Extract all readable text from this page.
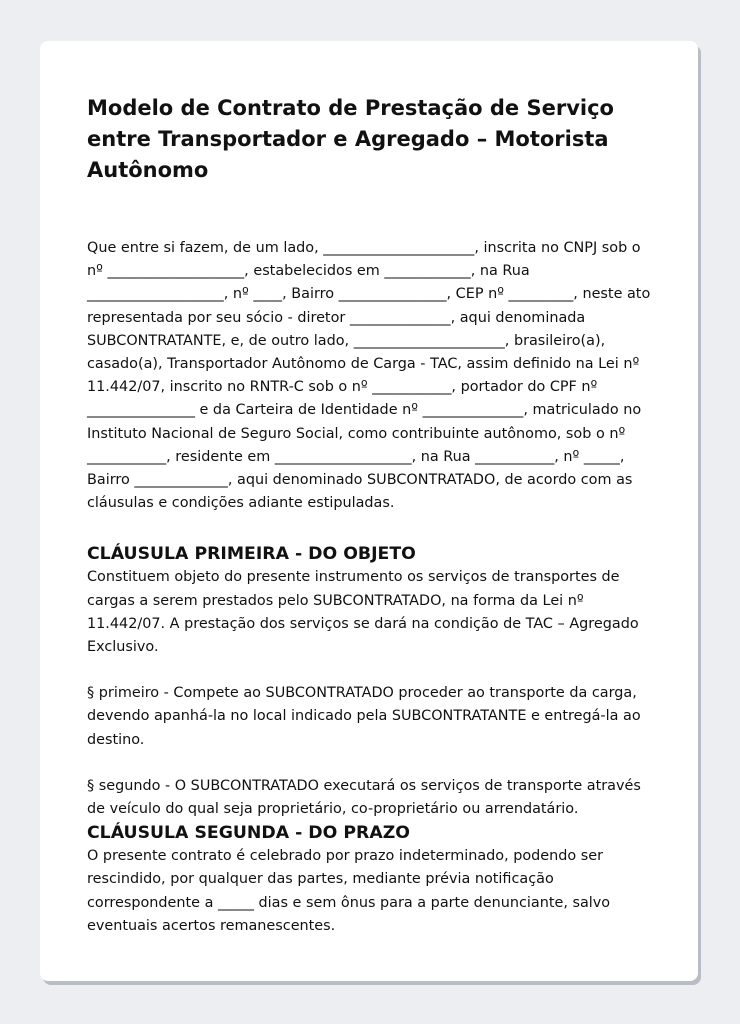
Modelo de Contrato de Prestação de Serviço entre Transportador e Agregado – Motorista Autônomo

Que entre si fazem, de um lado, _____________________, inscrita no CNPJ sob o nº ___________________, estabelecidos em ____________, na Rua ___________________, nº ____, Bairro _______________, CEP nº _________, neste ato representada por seu sócio - diretor ______________, aqui denominada SUBCONTRATANTE, e, de outro lado, _____________________, brasileiro(a), casado(a), Transportador Autônomo de Carga - TAC, assim definido na Lei nº 11.442/07, inscrito no RNTR-C sob o nº ___________, portador do CPF nº _______________ e da Carteira de Identidade nº ______________, matriculado no Instituto Nacional de Seguro Social, como contribuinte autônomo, sob o nº ___________, residente em ___________________, na Rua ___________, nº _____, Bairro _____________, aqui denominado SUBCONTRATADO, de acordo com as cláusulas e condições adiante estipuladas.

CLÁUSULA PRIMEIRA - DO OBJETO

Constituem objeto do presente instrumento os serviços de transportes de cargas a serem prestados pelo SUBCONTRATADO, na forma da Lei nº 11.442/07. A prestação dos serviços se dará na condição de TAC – Agregado Exclusivo.

§ primeiro - Compete ao SUBCONTRATADO proceder ao transporte da carga, devendo apanhá-la no local indicado pela SUBCONTRATANTE e entregá-la ao destino.

§ segundo - O SUBCONTRATADO executará os serviços de transporte através de veículo do qual seja proprietário, co-proprietário ou arrendatário.

CLÁUSULA SEGUNDA - DO PRAZO

O presente contrato é celebrado por prazo indeterminado, podendo ser rescindido, por qualquer das partes, mediante prévia notificação correspondente a _____ dias e sem ônus para a parte denunciante, salvo eventuais acertos remanescentes.
